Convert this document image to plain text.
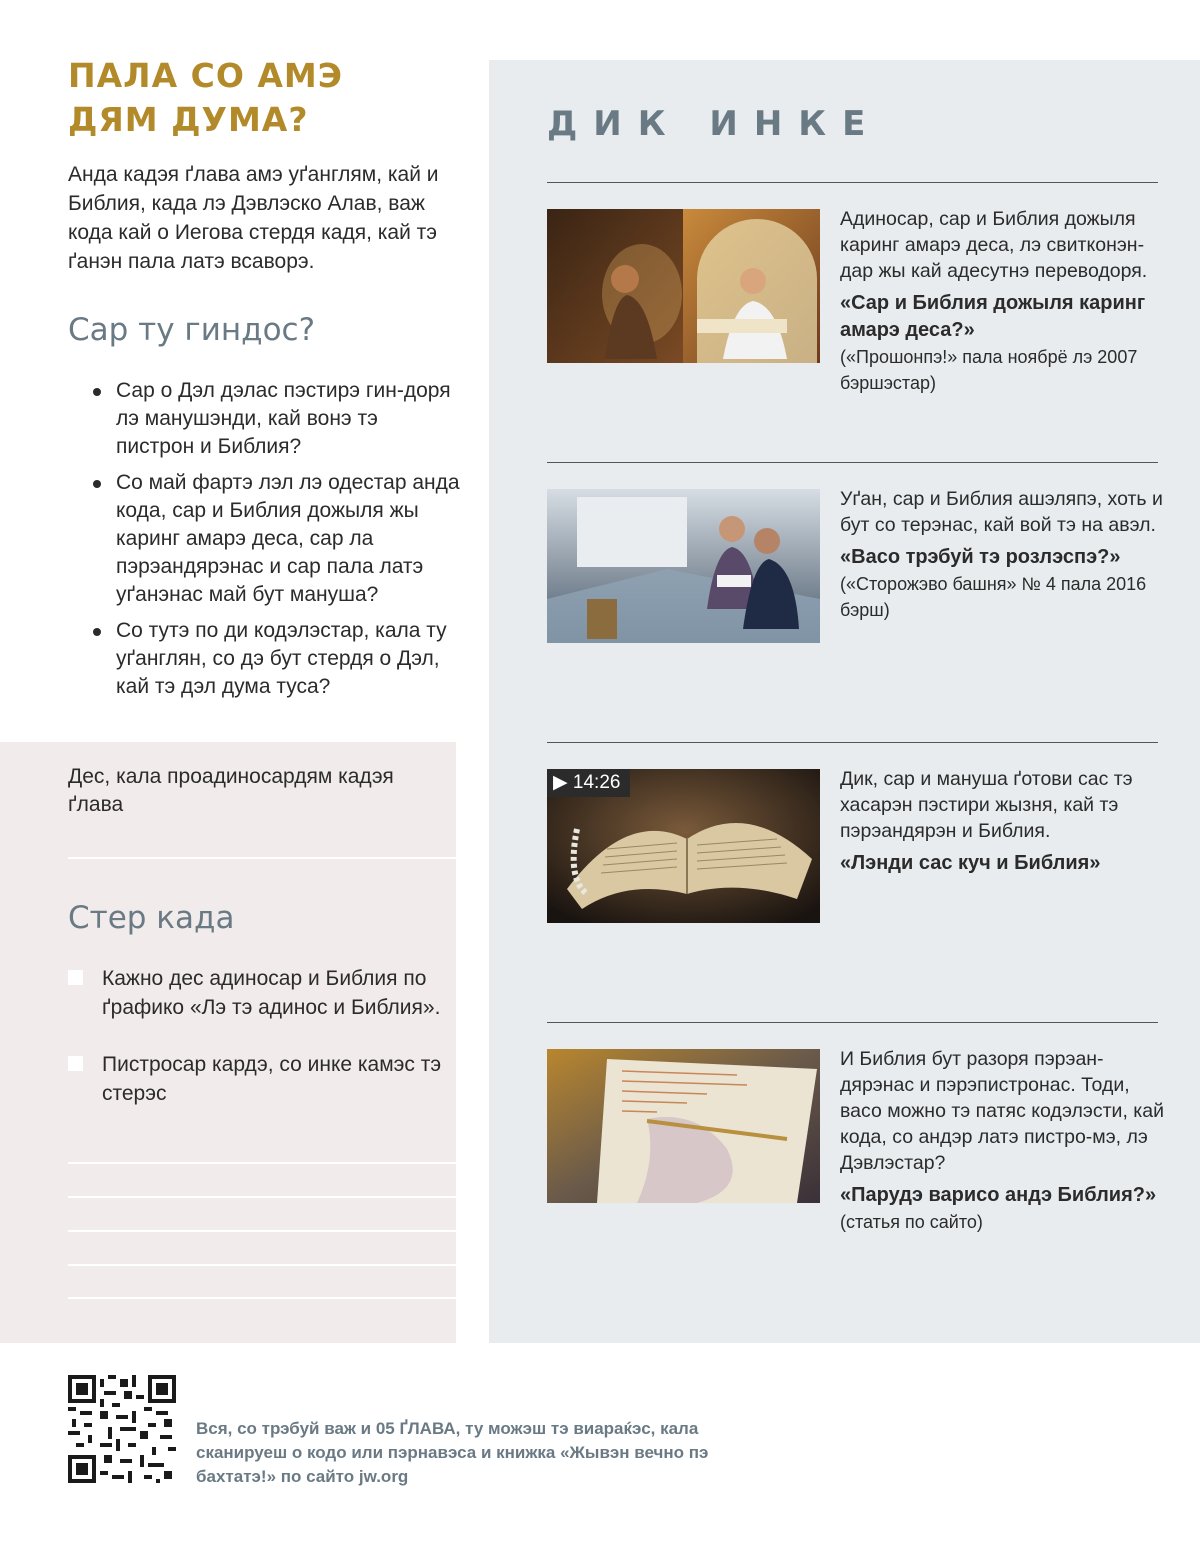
ПАЛА СО АМЭ
ДЯМ ДУМА?
Анда кадэя ґлава амэ уґанглям, кай и Библия, када лэ Дэвлэско Алав, важ кода кай о Иегова стердя кадя, кай тэ ґанэн пала латэ всаворэ.
Сар ту гиндос?
Сар о Дэл дэлас пэстирэ гин-доря лэ манушэнди, кай вонэ тэ пистрон и Библия?
Со май фартэ лэл лэ одестар анда кода, сар и Библия дожыля жы каринг амарэ деса, сар ла пэрэандярэнас и сар пала латэ уґанэнас май бут мануша?
Со тутэ по ди кодэлэстар, кала ту уґанглян, со дэ бут стердя о Дэл, кай тэ дэл дума туса?
Дес, кала проадиносардям кадэя ґлава
Стер када
Кажно дес адиносар и Библия по ґрафико «Лэ тэ адинос и Библия».
Пистросар кардэ, со инке камэс тэ стерэс
ДИК ИНКЕ
Адиносар, сар и Библия дожыля каринг амарэ деса, лэ свитконэн-дар жы кай адесутнэ переводоря.
«Сар и Библия дожыля каринг амарэ деса?»
(«Прошонпэ!» пала ноябрё лэ 2007 бэршэстар)
Уґан, сар и Библия ашэляпэ, хоть и бут со терэнас, кай вой тэ на авэл.
«Васо трэбуй тэ розлэспэ?»
(«Сторожэво башня» № 4 пала 2016 бэрш)
▶ 14:26	Дик, сар и мануша ґотови сас тэ хасарэн пэстири жызня, кай тэ пэрэандярэн и Библия.
«Лэнди сас куч и Библия»
И Библия бут разоря пэрэан-дярэнас и пэрэпистронас. Тоди, васо можно тэ патяс кодэлэсти, кай кода, со андэр латэ пистро-мэ, лэ Дэвлэстар?
«Парудэ варисо андэ Библия?»
(статья по сайто)
Вся, со трэбуй важ и 05 ҐЛАВА, ту можэш тэ виараќэс, кала сканируеш о кодо или пэрнавэса и книжка «Жывэн вечно пэ бахтатэ!» по сайто jw.org
